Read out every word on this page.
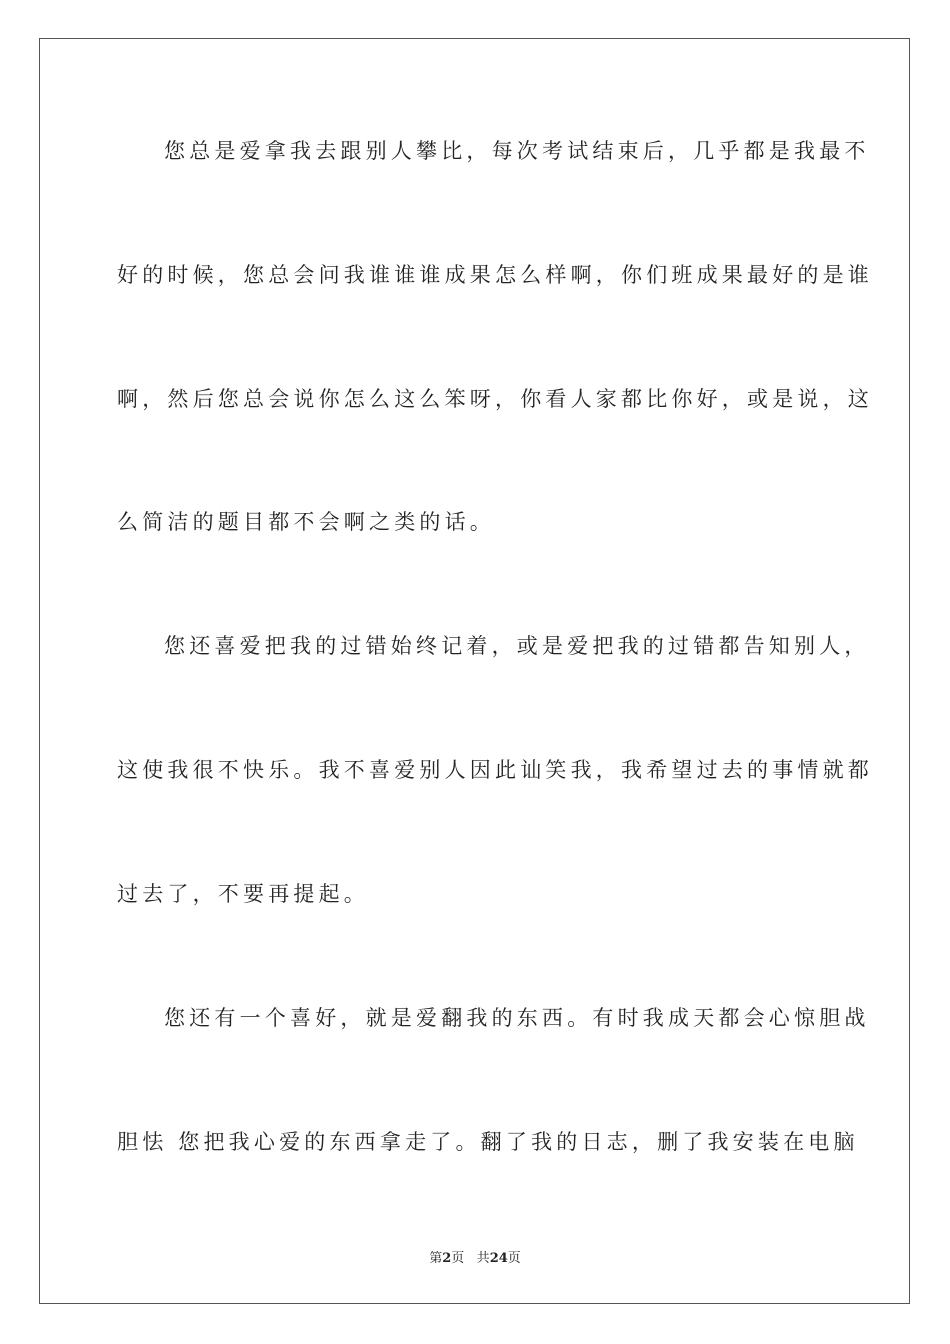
您总是爱拿我去跟别人攀比，每次考试结束后，几乎都是我最不
好的时候，您总会问我谁谁谁成果怎么样啊，你们班成果最好的是谁
啊，然后您总会说你怎么这么笨呀，你看人家都比你好，或是说，这
么简洁的题目都不会啊之类的话。
您还喜爱把我的过错始终记着，或是爱把我的过错都告知别人，
这使我很不快乐。我不喜爱别人因此讪笑我，我希望过去的事情就都
过去了，不要再提起。
您还有一个喜好，就是爱翻我的东西。有时我成天都会心惊胆战
胆怯 您把我心爱的东西拿走了。翻了我的日志，删了我安装在电脑
第2页 共24页
